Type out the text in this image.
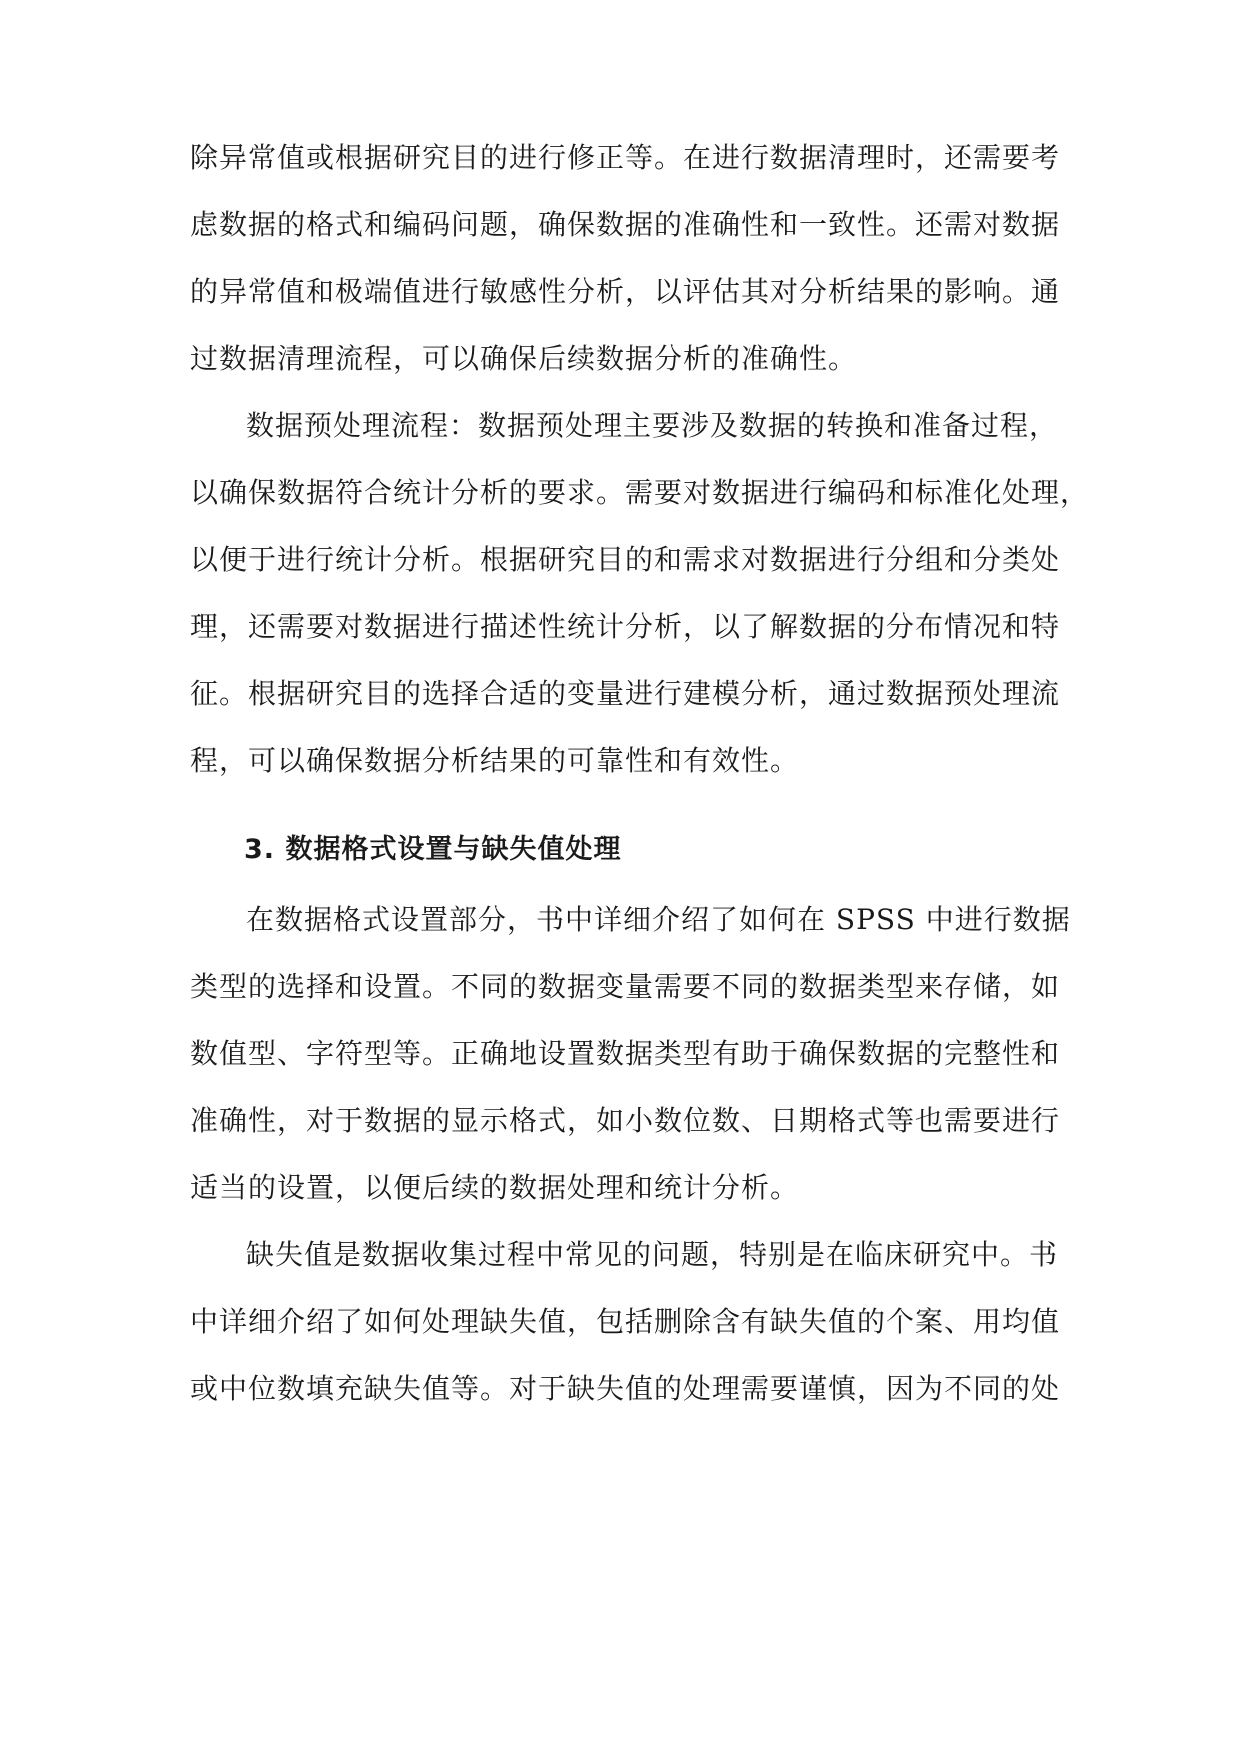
除异常值或根据研究目的进行修正等。在进行数据清理时，还需要考
虑数据的格式和编码问题，确保数据的准确性和一致性。还需对数据
的异常值和极端值进行敏感性分析，以评估其对分析结果的影响。通
过数据清理流程，可以确保后续数据分析的准确性。
数据预处理流程：数据预处理主要涉及数据的转换和准备过程，
以确保数据符合统计分析的要求。需要对数据进行编码和标准化处理，
以便于进行统计分析。根据研究目的和需求对数据进行分组和分类处
理，还需要对数据进行描述性统计分析，以了解数据的分布情况和特
征。根据研究目的选择合适的变量进行建模分析，通过数据预处理流
程，可以确保数据分析结果的可靠性和有效性。
3. 数据格式设置与缺失值处理
在数据格式设置部分，书中详细介绍了如何在 SPSS 中进行数据
类型的选择和设置。不同的数据变量需要不同的数据类型来存储，如
数值型、字符型等。正确地设置数据类型有助于确保数据的完整性和
准确性，对于数据的显示格式，如小数位数、日期格式等也需要进行
适当的设置，以便后续的数据处理和统计分析。
缺失值是数据收集过程中常见的问题，特别是在临床研究中。书
中详细介绍了如何处理缺失值，包括删除含有缺失值的个案、用均值
或中位数填充缺失值等。对于缺失值的处理需要谨慎，因为不同的处
